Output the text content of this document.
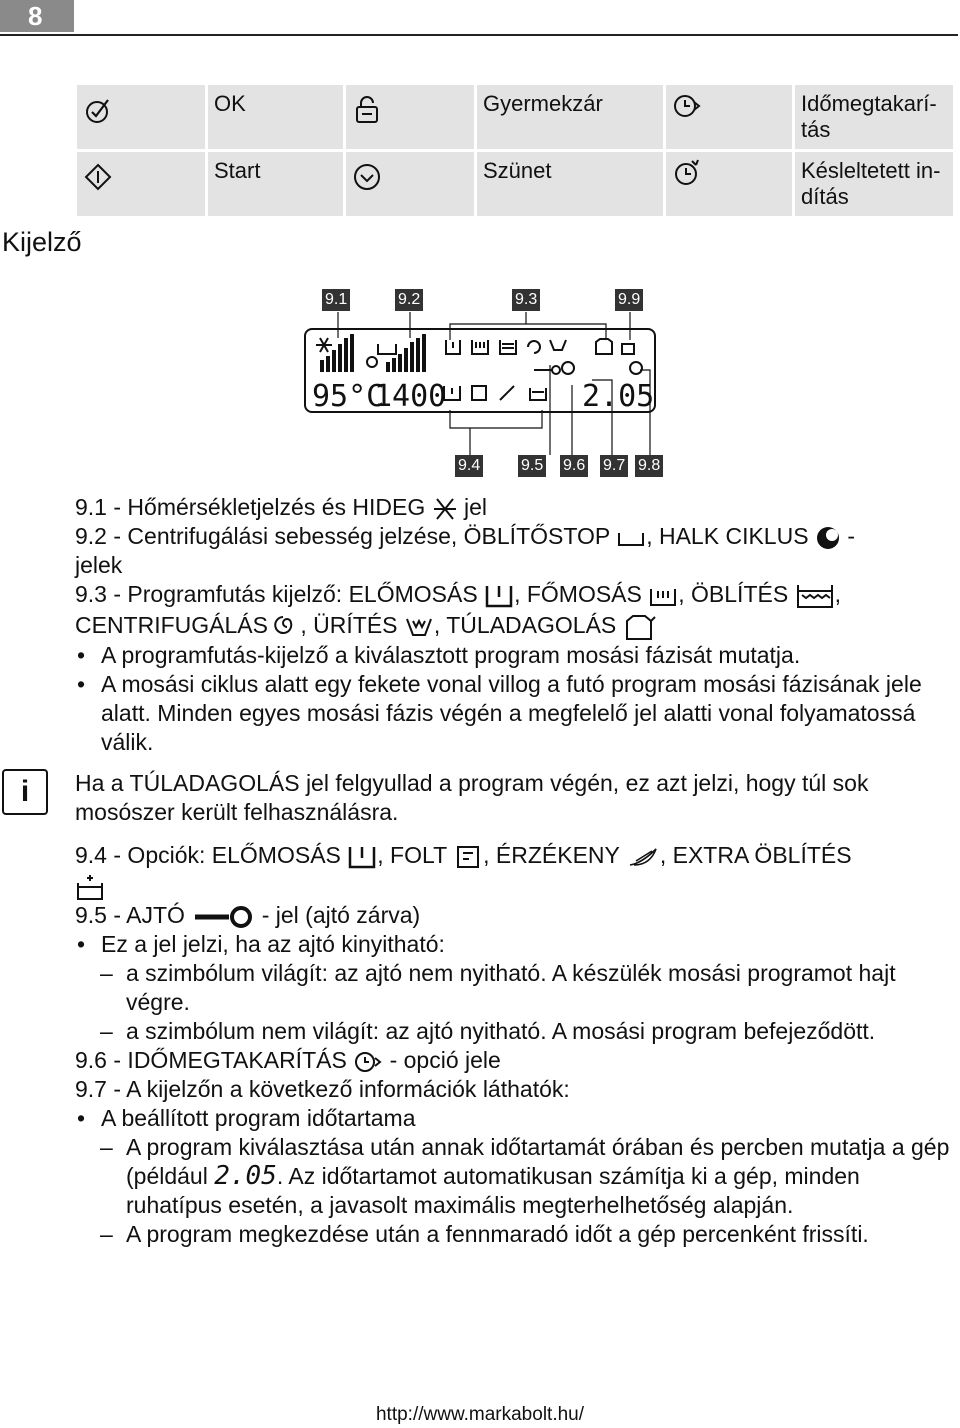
8
	OK		Gyermekzár		Időmegtakarí-tás
	Start		Szünet		Késleltetett in-dítás
Kijelző
9.1	9.2	9.3	9.9
9.4	9.5 9.6 9.7 9.8
95°C
1400	2.05

9.1 - Hőmérsékletjelzés és HIDEG  jel

9.2 - Centrifugálási sebesség jelzése, ÖBLÍTŐSTOP , HALK CIKLUS  -

jelek

9.3 - Programfutás kijelző: ELŐMOSÁS , FŐMOSÁS , ÖBLÍTÉS ,

CENTRIFUGÁLÁS , ÜRÍTÉS , TÚLADAGOLÁS

• A programfutás-kijelző a kiválasztott program mosási fázisát mutatja.

• A mosási ciklus alatt egy fekete vonal villog a futó program mosási fázisának jele alatt. Minden egyes mosási fázis végén a megfelelő jel alatti vonal folyamatossá válik.

i	Ha a TÚLADAGOLÁS jel felgyullad a program végén, ez azt jelzi, hogy túl sok mosószer került felhasználásra.

9.4 - Opciók: ELŐMOSÁS , FOLT , ÉRZÉKENY , EXTRA ÖBLÍTÉS

9.5 - AJTÓ	- jel (ajtó zárva)

• Ez a jel jelzi, ha az ajtó kinyitható:

– a szimbólum világít: az ajtó nem nyitható. A készülék mosási programot hajt végre.

– a szimbólum nem világít: az ajtó nyitható. A mosási program befejeződött.

9.6 - IDŐMEGTAKARÍTÁS  - opció jele

9.7 - A kijelzőn a következő információk láthatók:

• A beállított program időtartama

– A program kiválasztása után annak időtartamát órában és percben mutatja a gép (például 2.05. Az időtartamot automatikusan számítja ki a gép, minden ruhatípus esetén, a javasolt maximális megterhelhetőség alapján.

– A program megkezdése után a fennmaradó időt a gép percenként frissíti.

http://www.markabolt.hu/
